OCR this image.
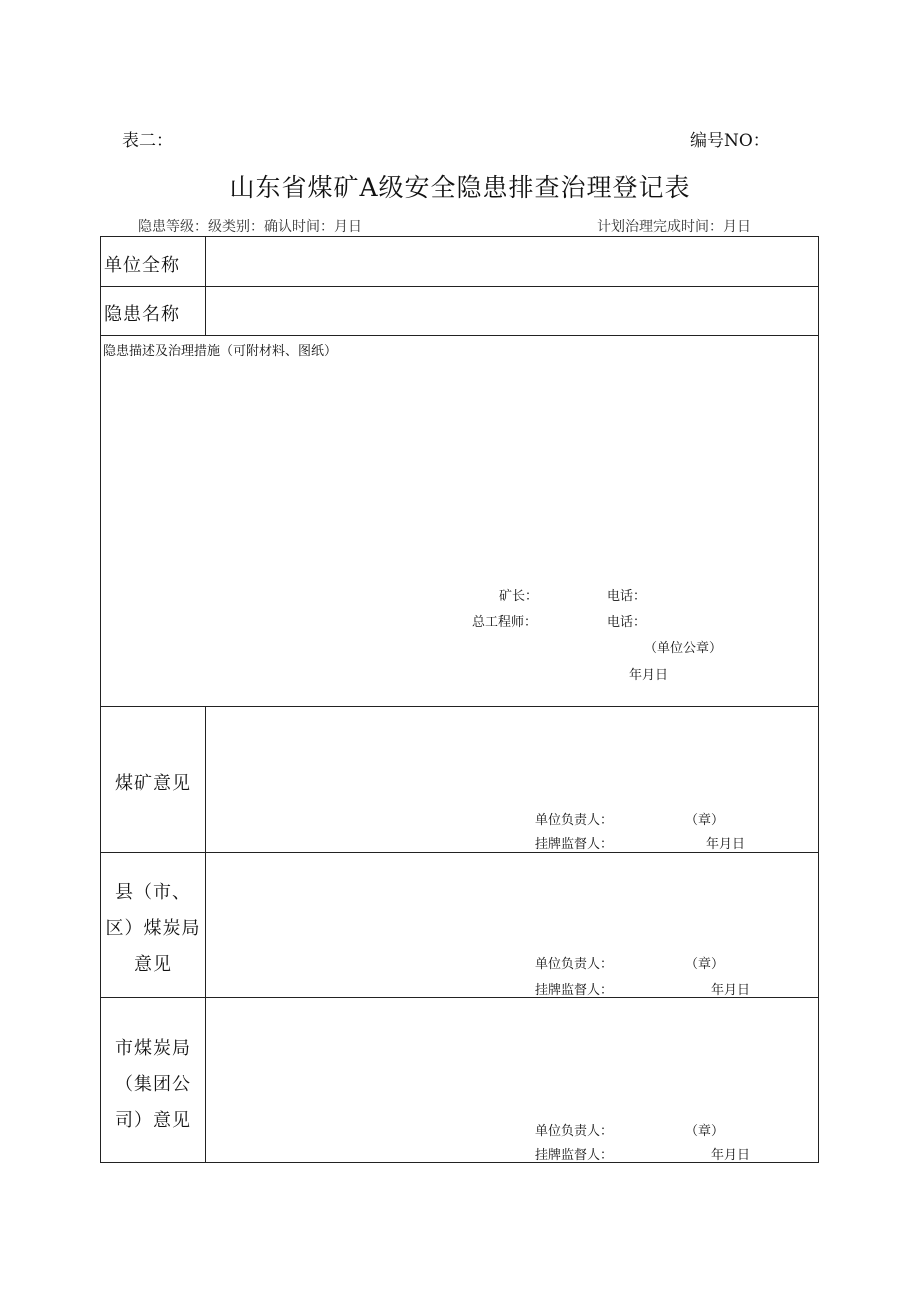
表二：	编号NO：
山东省煤矿A级安全隐患排查治理登记表
隐患等级：级类别：确认时间：月日	计划治理完成时间：月日
单位全称
隐患名称
隐患描述及治理措施（可附材料、图纸）
矿长：	电话：
总工程师：	电话：
（单位公章）
年月日
煤矿意见
单位负责人：	（章）
挂牌监督人：	年月日
县（市、
区）煤炭局
意见	单位负责人：	（章）
挂牌监督人：	年月日
市煤炭局
（集团公
司）意见
单位负责人：	（章）
挂牌监督人：	年月日
